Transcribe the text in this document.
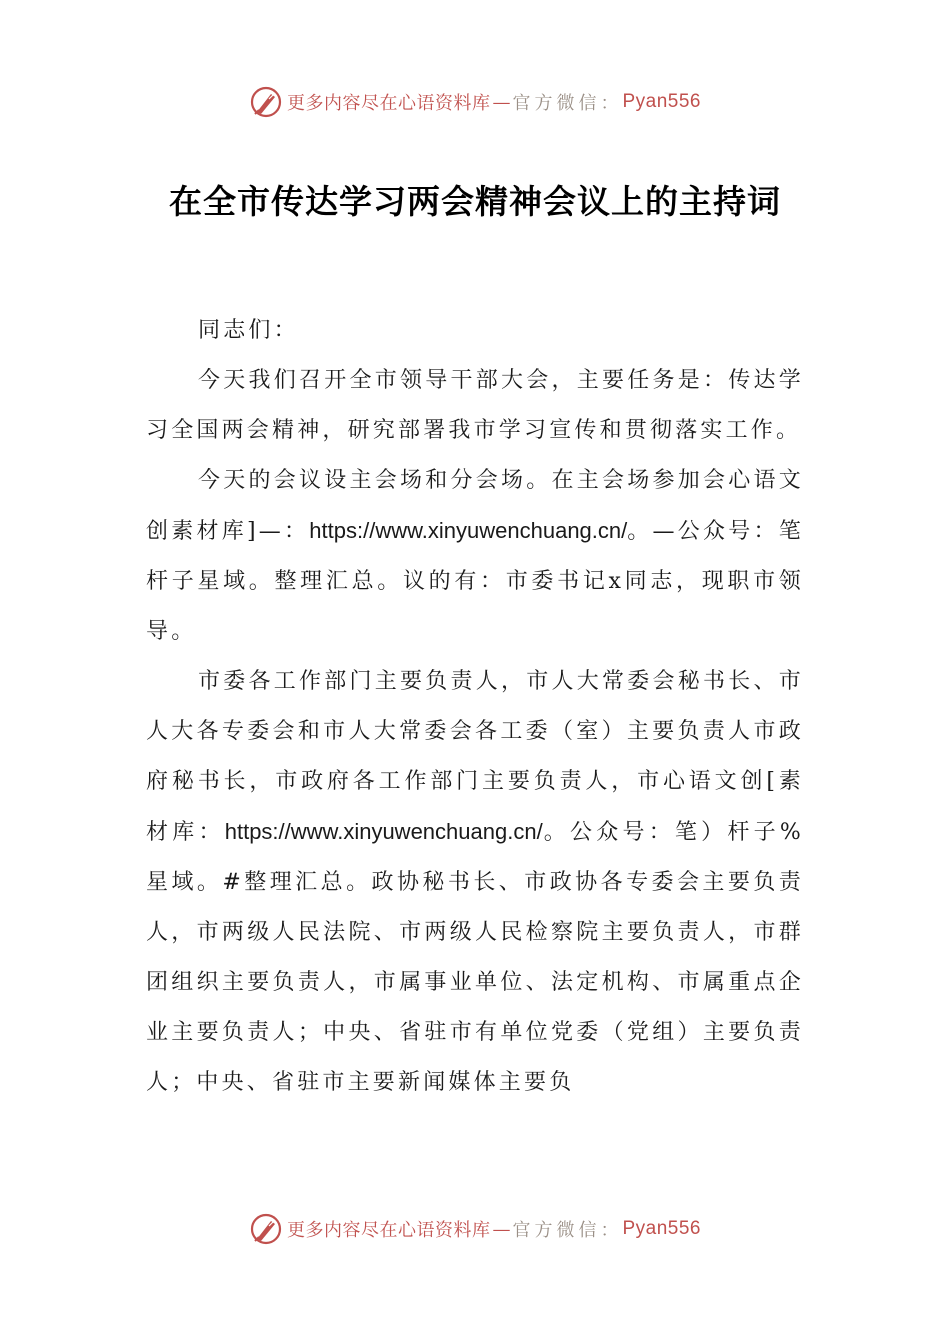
更多内容尽在心语资料库 — 官方微信： Pyan556
在全市传达学习两会精神会议上的主持词

同志们：

今天我们召开全市领导干部大会，主要任务是：传达学习全国两会精神，研究部署我市学习宣传和贯彻落实工作。

今天的会议设主会场和分会场。在主会场参加会心语文创素材库]—：https://www.xinyuwenchuang.cn/。—公众号：笔杆子星域。整理汇总。议的有：市委书记x同志，现职市领导。

市委各工作部门主要负责人，市人大常委会秘书长、市人大各专委会和市人大常委会各工委（室）主要负责人市政府秘书长，市政府各工作部门主要负责人，市心语文创[素材库：https://www.xinyuwenchuang.cn/。公众号：笔）杆子%星域。#整理汇总。政协秘书长、市政协各专委会主要负责人，市两级人民法院、市两级人民检察院主要负责人，市群团组织主要负责人，市属事业单位、法定机构、市属重点企业主要负责人；中央、省驻市有单位党委（党组）主要负责人；中央、省驻市主要新闻媒体主要负

更多内容尽在心语资料库 — 官方微信： Pyan556
